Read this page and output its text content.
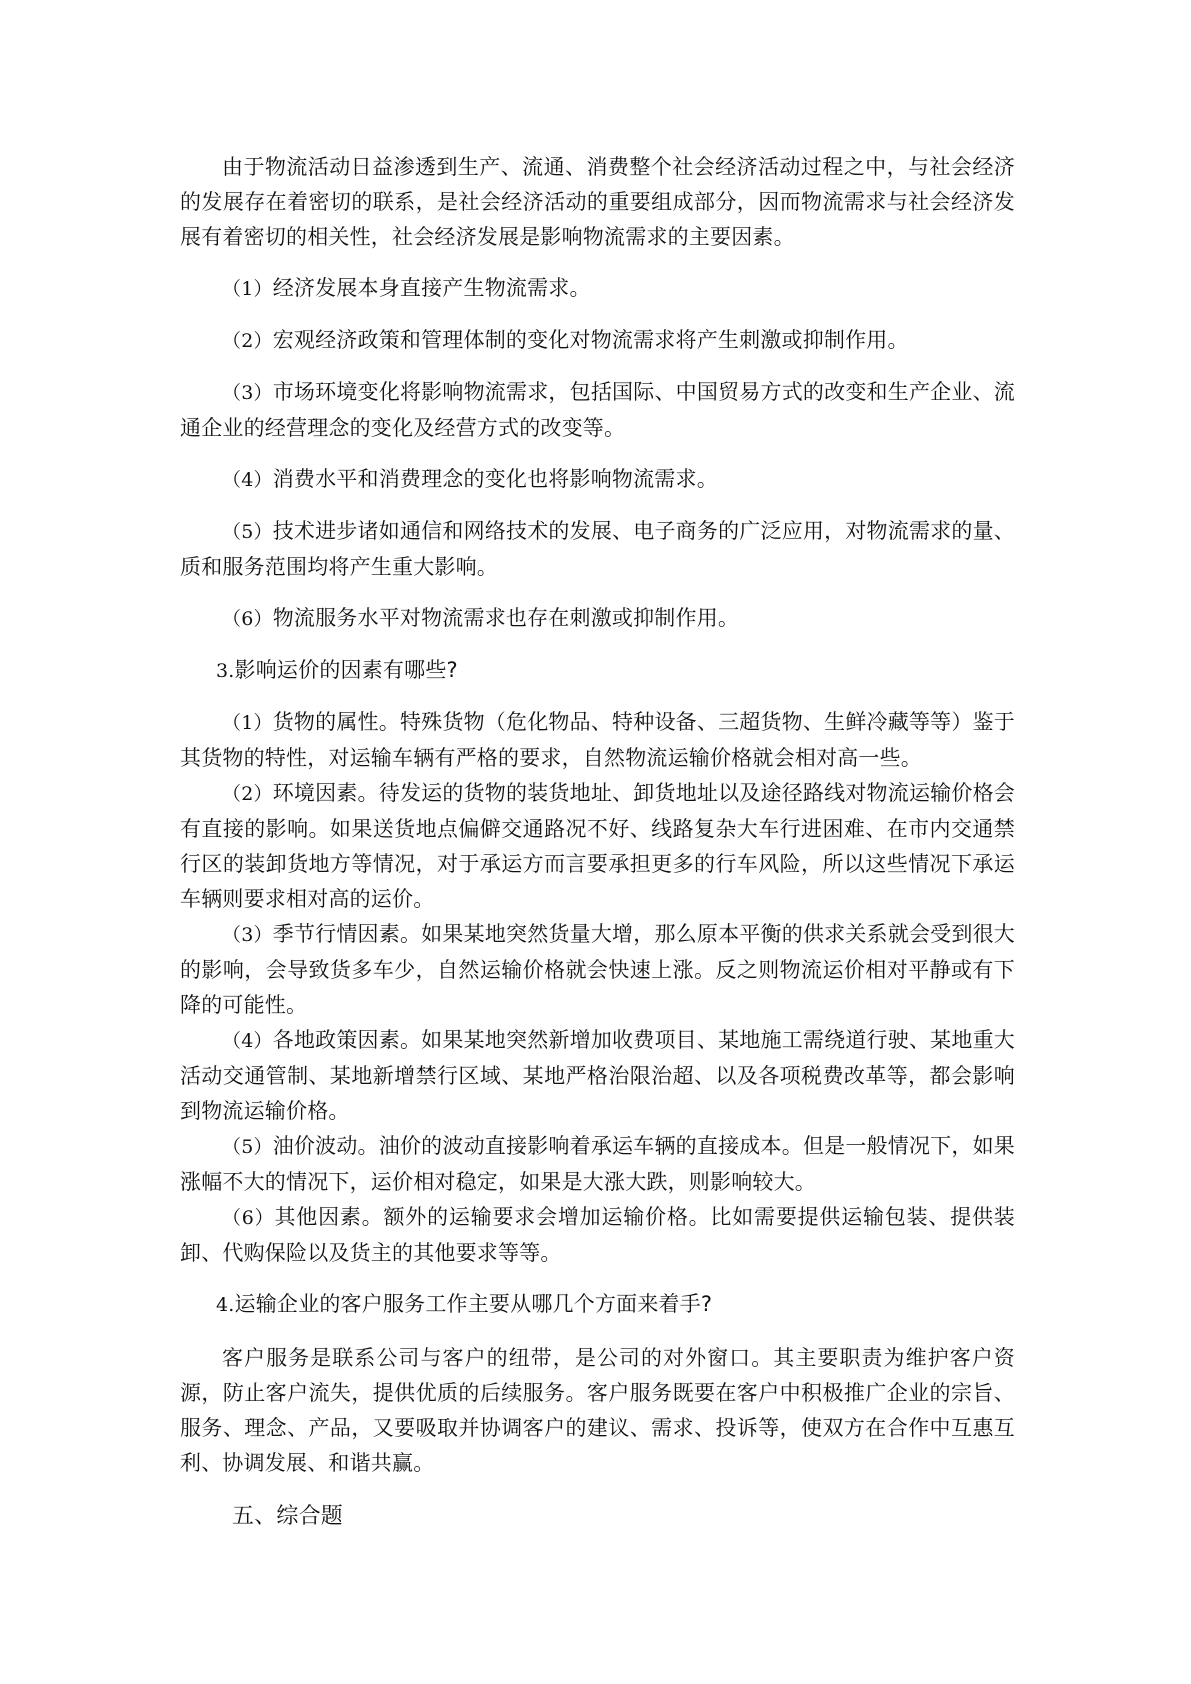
由于物流活动日益渗透到生产、流通、消费整个社会经济活动过程之中，与社会经济的发展存在着密切的联系，是社会经济活动的重要组成部分，因而物流需求与社会经济发展有着密切的相关性，社会经济发展是影响物流需求的主要因素。

（1）经济发展本身直接产生物流需求。

（2）宏观经济政策和管理体制的变化对物流需求将产生刺激或抑制作用。

（3）市场环境变化将影响物流需求，包括国际、中国贸易方式的改变和生产企业、流通企业的经营理念的变化及经营方式的改变等。

（4）消费水平和消费理念的变化也将影响物流需求。

（5）技术进步诸如通信和网络技术的发展、电子商务的广泛应用，对物流需求的量、质和服务范围均将产生重大影响。

（6）物流服务水平对物流需求也存在刺激或抑制作用。

3.影响运价的因素有哪些?

（1）货物的属性。特殊货物（危化物品、特种设备、三超货物、生鲜冷藏等等）鉴于其货物的特性，对运输车辆有严格的要求，自然物流运输价格就会相对高一些。

（2）环境因素。待发运的货物的装货地址、卸货地址以及途径路线对物流运输价格会有直接的影响。如果送货地点偏僻交通路况不好、线路复杂大车行进困难、在市内交通禁行区的装卸货地方等情况，对于承运方而言要承担更多的行车风险，所以这些情况下承运车辆则要求相对高的运价。

（3）季节行情因素。如果某地突然货量大增，那么原本平衡的供求关系就会受到很大的影响，会导致货多车少，自然运输价格就会快速上涨。反之则物流运价相对平静或有下降的可能性。

（4）各地政策因素。如果某地突然新增加收费项目、某地施工需绕道行驶、某地重大活动交通管制、某地新增禁行区域、某地严格治限治超、以及各项税费改革等，都会影响到物流运输价格。

（5）油价波动。油价的波动直接影响着承运车辆的直接成本。但是一般情况下，如果涨幅不大的情况下，运价相对稳定，如果是大涨大跌，则影响较大。

（6）其他因素。额外的运输要求会增加运输价格。比如需要提供运输包装、提供装卸、代购保险以及货主的其他要求等等。

4.运输企业的客户服务工作主要从哪几个方面来着手?

客户服务是联系公司与客户的纽带，是公司的对外窗口。其主要职责为维护客户资源，防止客户流失，提供优质的后续服务。客户服务既要在客户中积极推广企业的宗旨、服务、理念、产品，又要吸取并协调客户的建议、需求、投诉等，使双方在合作中互惠互利、协调发展、和谐共赢。

五、综合题
